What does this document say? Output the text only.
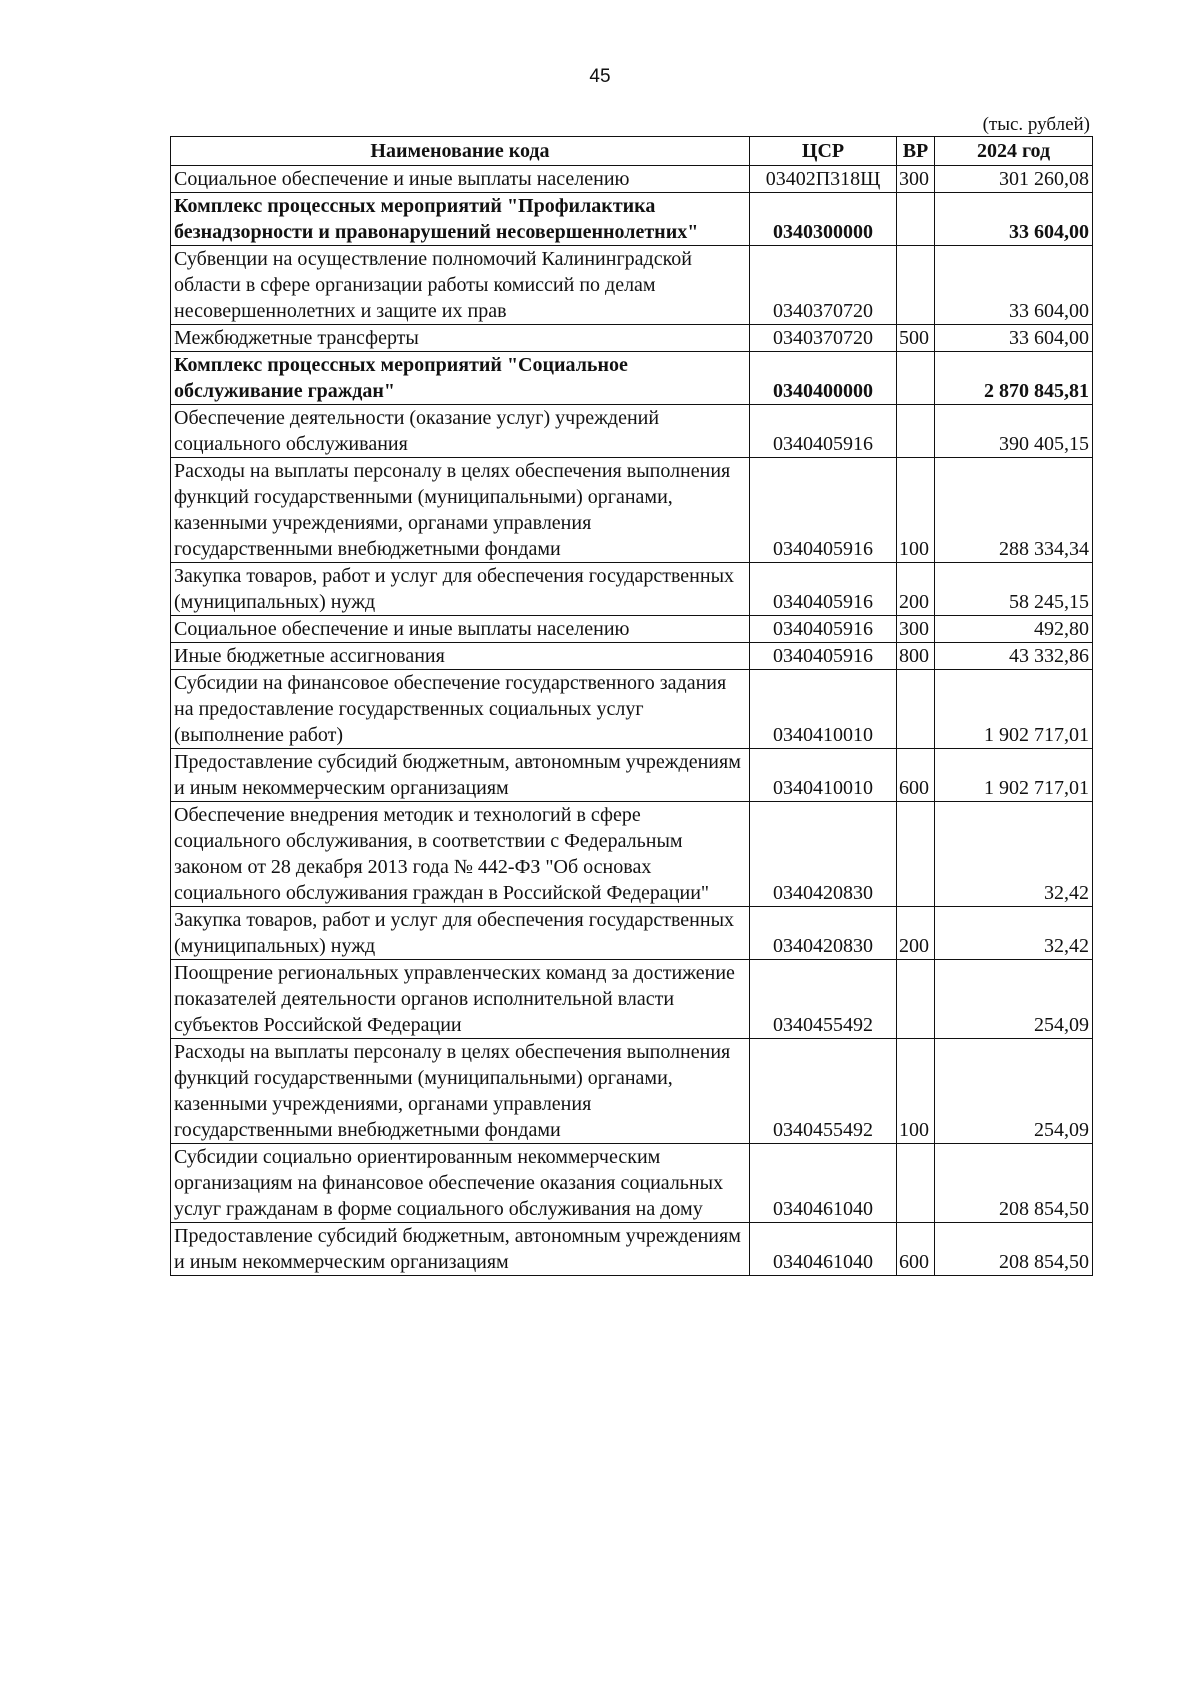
45
(тыс. рублей)
Наименование кода	ЦСР	ВР	2024 год
Социальное обеспечение и иные выплаты населению	03402П318Щ	300	301 260,08
Комплекс процессных мероприятий "Профилактика безнадзорности и правонарушений несовершеннолетних"	0340300000		33 604,00
Субвенции на осуществление полномочий Калининградской области в сфере организации работы комиссий по делам несовершеннолетних и защите их прав	0340370720		33 604,00
Межбюджетные трансферты	0340370720	500	33 604,00
Комплекс процессных мероприятий "Социальное обслуживание граждан"	0340400000		2 870 845,81
Обеспечение деятельности (оказание услуг) учреждений социального обслуживания	0340405916		390 405,15
Расходы на выплаты персоналу в целях обеспечения выполнения функций государственными (муниципальными) органами, казенными учреждениями, органами управления государственными внебюджетными фондами	0340405916	100	288 334,34
Закупка товаров, работ и услуг для обеспечения государственных (муниципальных) нужд	0340405916	200	58 245,15
Социальное обеспечение и иные выплаты населению	0340405916	300	492,80
Иные бюджетные ассигнования	0340405916	800	43 332,86
Субсидии на финансовое обеспечение государственного задания на предоставление государственных социальных услуг (выполнение работ)	0340410010		1 902 717,01
Предоставление субсидий бюджетным, автономным учреждениям и иным некоммерческим организациям	0340410010	600	1 902 717,01
Обеспечение внедрения методик и технологий в сфере социального обслуживания, в соответствии с Федеральным законом от 28 декабря 2013 года № 442-ФЗ "Об основах социального обслуживания граждан в Российской Федерации"	0340420830		32,42
Закупка товаров, работ и услуг для обеспечения государственных (муниципальных) нужд	0340420830	200	32,42
Поощрение региональных управленческих команд за достижение показателей деятельности органов исполнительной власти субъектов Российской Федерации	0340455492		254,09
Расходы на выплаты персоналу в целях обеспечения выполнения функций государственными (муниципальными) органами, казенными учреждениями, органами управления государственными внебюджетными фондами	0340455492	100	254,09
Субсидии социально ориентированным некоммерческим организациям на финансовое обеспечение оказания социальных услуг гражданам в форме социального обслуживания на дому	0340461040		208 854,50
Предоставление субсидий бюджетным, автономным учреждениям и иным некоммерческим организациям	0340461040	600	208 854,50
